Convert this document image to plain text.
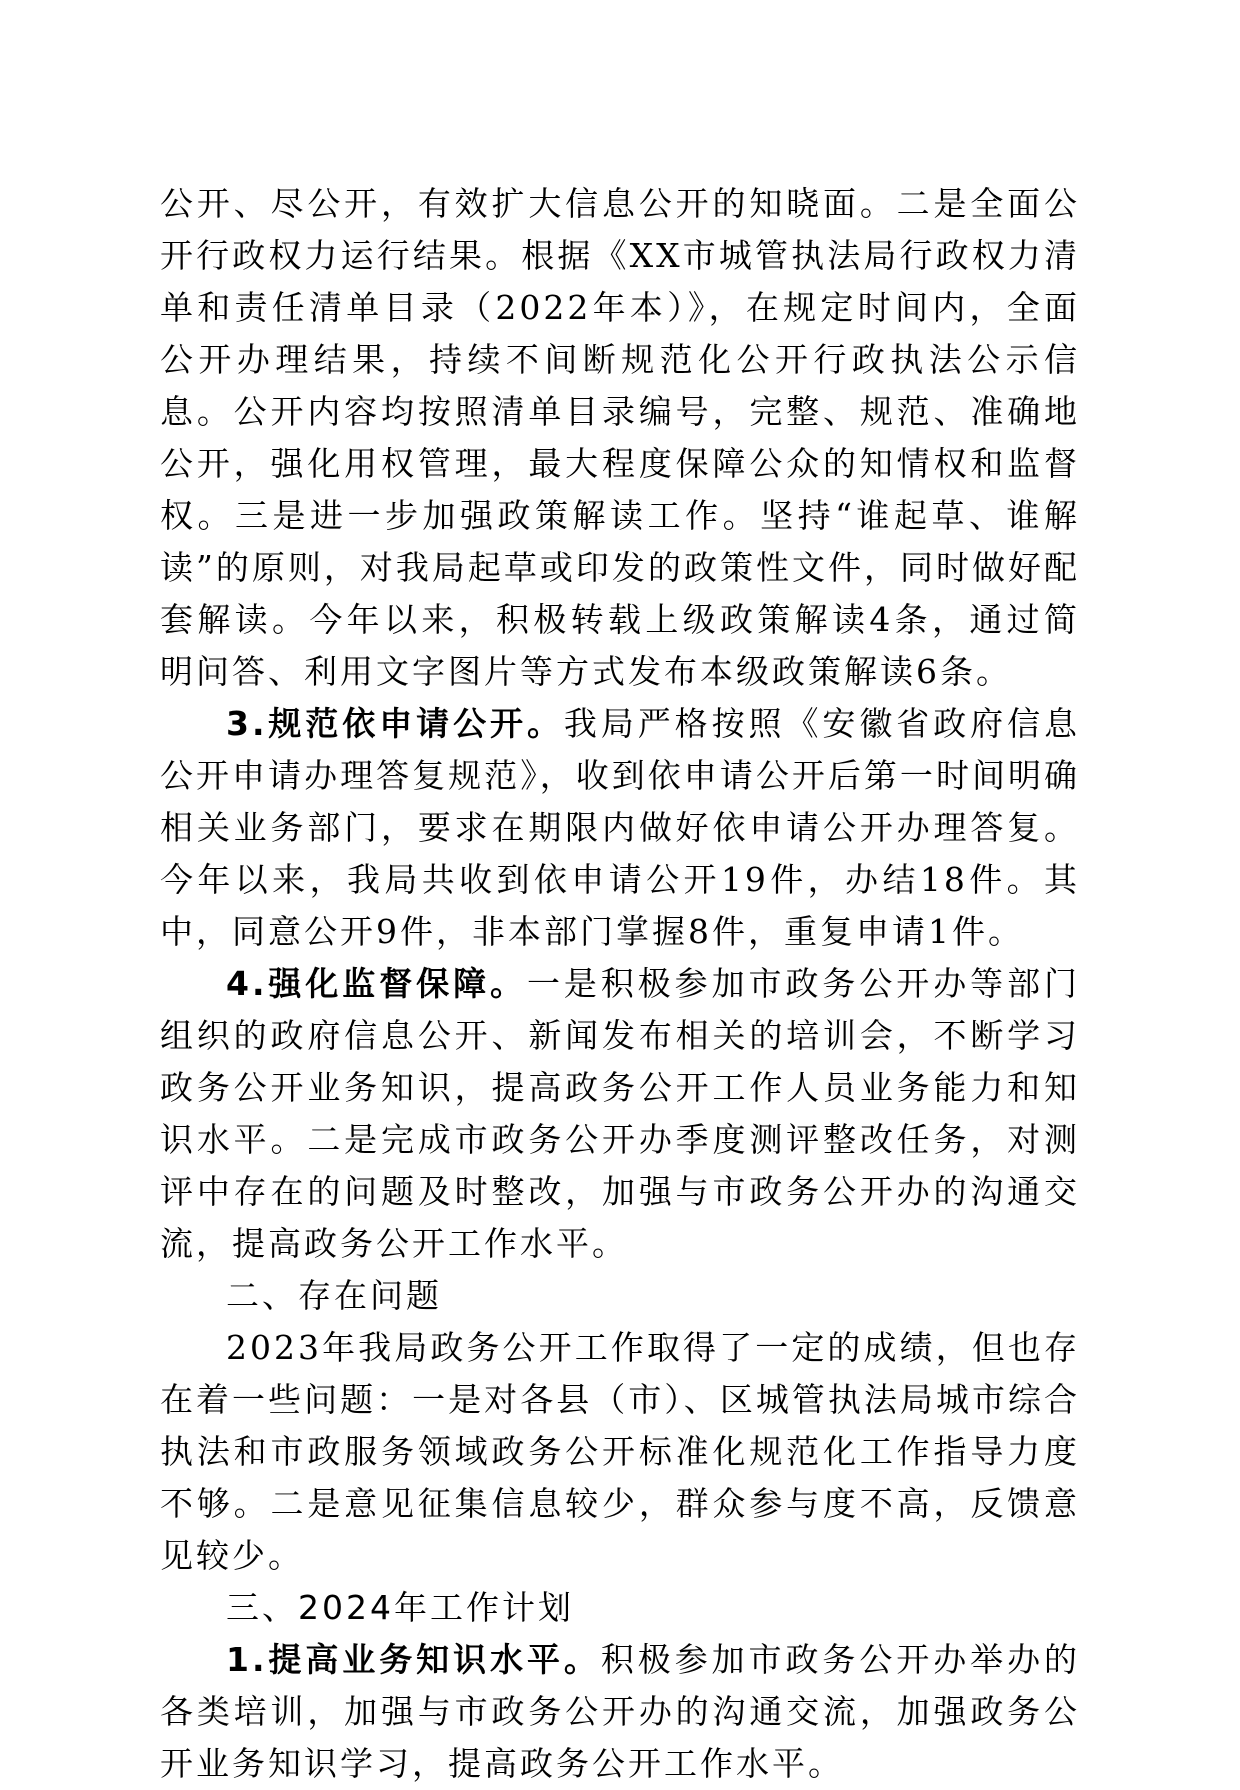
公开、尽公开，有效扩大信息公开的知晓面。二是全面公开行政权力运行结果。根据《XX市城管执法局行政权力清单和责任清单目录（2022年本）》，在规定时间内，全面公开办理结果，持续不间断规范化公开行政执法公示信息。公开内容均按照清单目录编号，完整、规范、准确地公开，强化用权管理，最大程度保障公众的知情权和监督权。三是进一步加强政策解读工作。坚持“谁起草、谁解读”的原则，对我局起草或印发的政策性文件，同时做好配套解读。今年以来，积极转载上级政策解读4条，通过简明问答、利用文字图片等方式发布本级政策解读6条。

3.规范依申请公开。我局严格按照《安徽省政府信息公开申请办理答复规范》，收到依申请公开后第一时间明确相关业务部门，要求在期限内做好依申请公开办理答复。今年以来，我局共收到依申请公开19件，办结18件。其中，同意公开9件，非本部门掌握8件，重复申请1件。

4.强化监督保障。一是积极参加市政务公开办等部门组织的政府信息公开、新闻发布相关的培训会，不断学习政务公开业务知识，提高政务公开工作人员业务能力和知识水平。二是完成市政务公开办季度测评整改任务，对测评中存在的问题及时整改，加强与市政务公开办的沟通交流，提高政务公开工作水平。

二、存在问题

2023年我局政务公开工作取得了一定的成绩，但也存在着一些问题：一是对各县（市）、区城管执法局城市综合执法和市政服务领域政务公开标准化规范化工作指导力度不够。二是意见征集信息较少，群众参与度不高，反馈意见较少。

三、2024年工作计划

1.提高业务知识水平。积极参加市政务公开办举办的各类培训，加强与市政务公开办的沟通交流，加强政务公开业务知识学习，提高政务公开工作水平。
